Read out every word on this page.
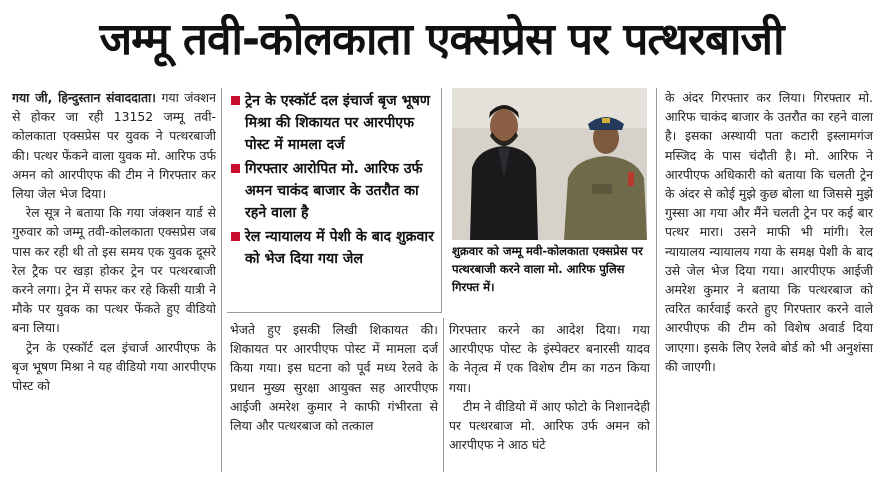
जम्मू तवी-कोलकाता एक्सप्रेस पर पत्थरबाजी

गया जी, हिन्दुस्तान संवाददाता। गया जंक्शन से होकर जा रही 13152 जम्मू तवी-कोलकाता एक्सप्रेस पर युवक ने पत्थरबाजी की। पत्थर फेंकने वाला युवक मो. आरिफ उर्फ अमन को आरपीएफ की टीम ने गिरफ्तार कर लिया जेल भेज दिया।

रेल सूत्र ने बताया कि गया जंक्शन यार्ड से गुरुवार को जम्मू तवी-कोलकाता एक्सप्रेस जब पास कर रही थी तो इस समय एक युवक दूसरे रेल ट्रैक पर खड़ा होकर ट्रेन पर पत्थरबाजी करने लगा। ट्रेन में सफर कर रहे किसी यात्री ने मौके पर युवक का पत्थर फेंकते हुए वीडियो बना लिया।

ट्रेन के एस्कॉर्ट दल इंचार्ज आरपीएफ के बृज भूषण मिश्रा ने यह वीडियो गया आरपीएफ पोस्ट को

ट्रेन के एस्कॉर्ट दल इंचार्ज बृज भूषण मिश्रा की शिकायत पर आरपीएफ पोस्ट में मामला दर्ज
गिरफ्तार आरोपित मो. आरिफ उर्फ अमन चाकंद बाजार के उतरौत का रहने वाला है
रेल न्यायालय में पेशी के बाद शुक्रवार को भेज दिया गया जेल	शुक्रवार को जम्मू मवी-कोलकाता एक्सप्रेस पर पत्थरबाजी करने वाला मो. आरिफ पुलिस गिरफ्त में।

भेजते हुए इसकी लिखी शिकायत की। शिकायत पर आरपीएफ पोस्ट में मामला दर्ज किया गया। इस घटना को पूर्व मध्य रेलवे के प्रधान मुख्य सुरक्षा आयुक्त सह आरपीएफ आईजी अमरेश कुमार ने काफी गंभीरता से लिया और पत्थरबाज को तत्काल

गिरफ्तार करने का आदेश दिया। गया आरपीएफ पोस्ट के इंस्पेक्टर बनारसी यादव के नेतृत्व में एक विशेष टीम का गठन किया गया।

टीम ने वीडियो में आए फोटो के निशानदेही पर पत्थरबाज मो. आरिफ उर्फ अमन को आरपीएफ ने आठ घंटे

के अंदर गिरफ्तार कर लिया। गिरफ्तार मो. आरिफ चाकंद बाजार के उतरौत का रहने वाला है। इसका अस्थायी पता कटारी इस्लामगंज मस्जिद के पास चंदौती है। मो. आरिफ ने आरपीएफ अधिकारी को बताया कि चलती ट्रेन के अंदर से कोई मुझे कुछ बोला था जिससे मुझे गुस्सा आ गया और मैंने चलती ट्रेन पर कई बार पत्थर मारा। उसने माफी भी मांगी। रेल न्यायालय न्यायालय गया के समक्ष पेशी के बाद उसे जेल भेज दिया गया। आरपीएफ आईजी अमरेश कुमार ने बताया कि पत्थरबाज को त्वरित कार्रवाई करते हुए गिरफ्तार करने वाले आरपीएफ की टीम को विशेष अवार्ड दिया जाएगा। इसके लिए रेलवे बोर्ड को भी अनुशंसा की जाएगी।
